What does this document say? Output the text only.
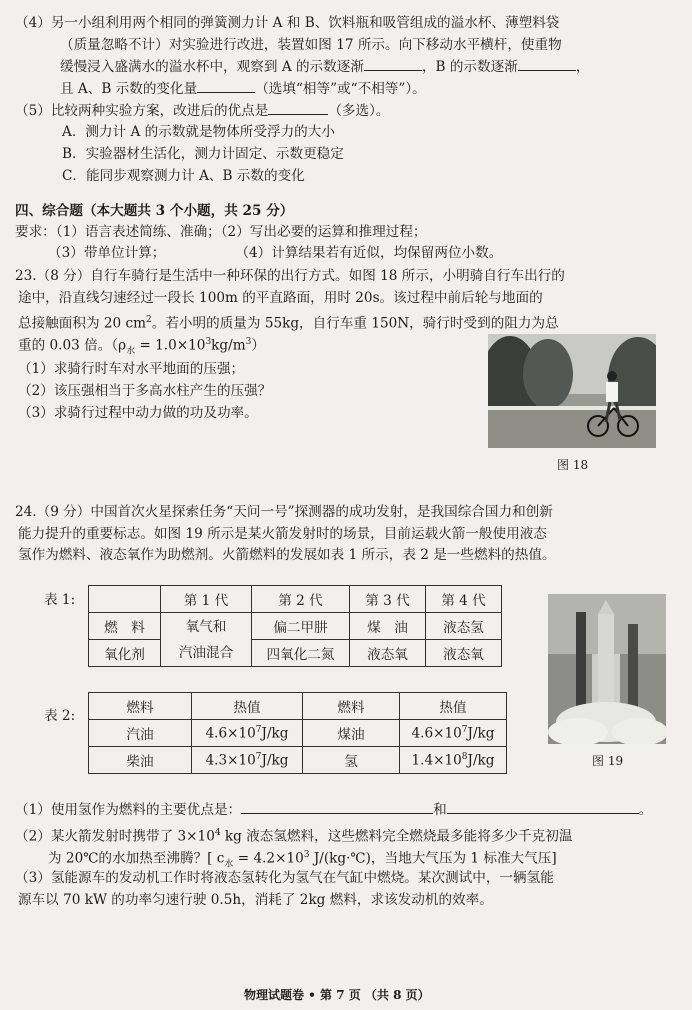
（4）另一小组利用两个相同的弹簧测力计 A 和 B、饮料瓶和吸管组成的溢水杯、薄塑料袋
（质量忽略不计）对实验进行改进，装置如图 17 所示。向下移动水平横杆，使重物
缓慢浸入盛满水的溢水杯中，观察到 A 的示数逐渐	，B 的示数逐渐	，
且 A、B 示数的变化量	（选填“相等”或“不相等”）。
（5）比较两种实验方案，改进后的优点是	（多选）。
A．测力计 A 的示数就是物体所受浮力的大小
B．实验器材生活化，测力计固定、示数更稳定
C．能同步观察测力计 A、B 示数的变化
四、综合题（本大题共 3 个小题，共 25 分）
要求：（1）语言表述简练、准确；（2）写出必要的运算和推理过程；
（3）带单位计算；	（4）计算结果若有近似，均保留两位小数。
23.（8 分）自行车骑行是生活中一种环保的出行方式。如图 18 所示，小明骑自行车出行的
途中，沿直线匀速经过一段长 100m 的平直路面，用时 20s。该过程中前后轮与地面的
总接触面积为 20 $cm^2$。若小明的质量为 55kg，自行车重 150N，骑行时受到的阻力为总
重的 0.03 倍。$(\rho_水 = 1.0\times 10^3kg/m^3)$
（1）求骑行时车对水平地面的压强；
（2）该压强相当于多高水柱产生的压强？
（3）求骑行过程中动力做的功及功率。
图 18
24.（9 分）中国首次火星探索任务“天问一号”探测器的成功发射，是我国综合国力和创新
能力提升的重要标志。如图 19 所示是某火箭发射时的场景，目前运载火箭一般使用液态
氢作为燃料、液态氧作为助燃剂。火箭燃料的发展如表 1 所示，表 2 是一些燃料的热值。
表 1:
		第 1 代	第 2 代	第 3 代	第 4 代
燃　料	氧气和
汽油混合	偏二甲肼	煤　油	液态氢
氧化剂		四氧化二氮	液态氧	液态氧
表 2:	燃料	热值	燃料	热值
汽油	$4.6\times 10^7J/kg$	煤油	$4.6\times 10^7J/kg$
柴油	$4.3\times 10^7J/kg$	氢	$1.4\times 10^8J/kg$	图 19
（1）使用氢作为燃料的主要优点是：	和	。
（2）某火箭发射时携带了 $3\times 10^4$ kg 液态氢燃料，这些燃料完全燃烧最多能将多少千克初温
为 20℃的水加热至沸腾？[ $c_水 = 4.2\times 10^3$ J/(kg·℃)，当地大气压为 1 标准大气压]
（3）氢能源车的发动机工作时将液态氢转化为氢气在气缸中燃烧。某次测试中，一辆氢能
源车以 70 kW 的功率匀速行驶 0.5h，消耗了 2kg 燃料，求该发动机的效率。
物理试题卷 • 第 7 页 （共 8 页）
